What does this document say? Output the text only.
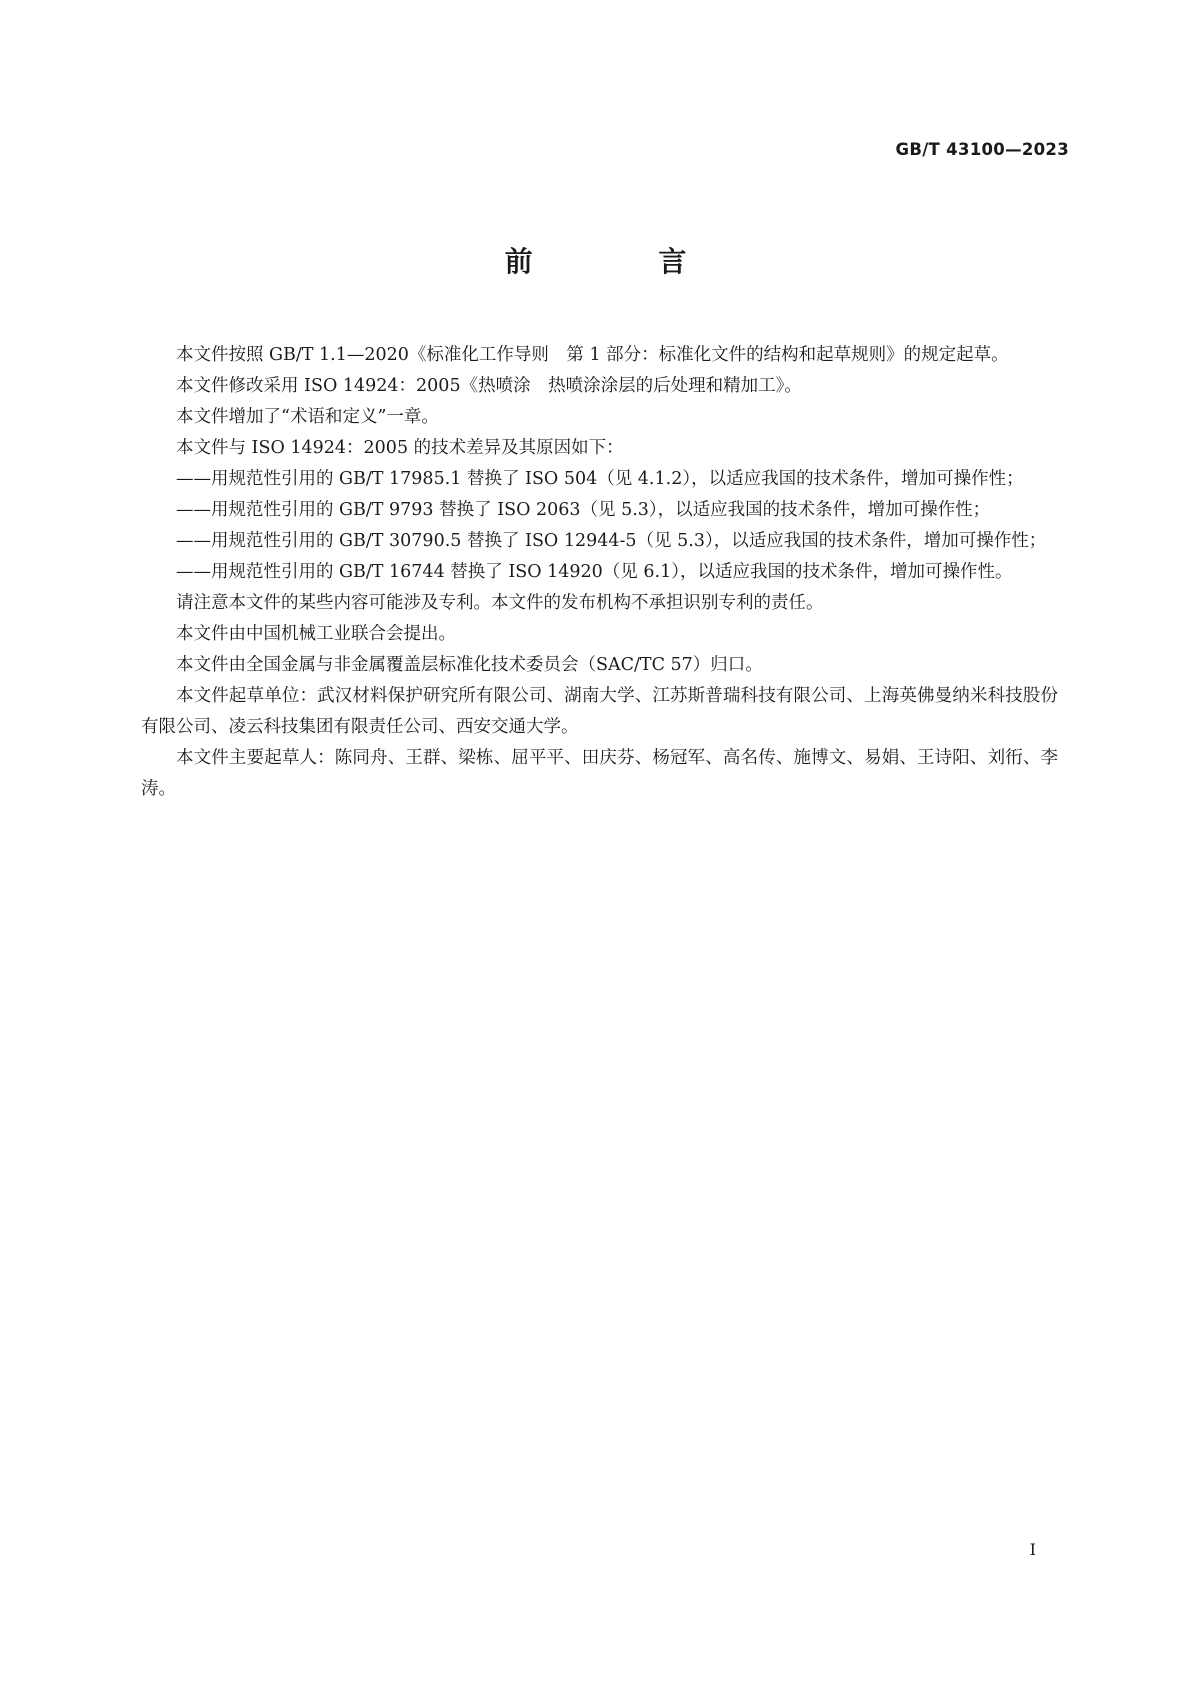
GB/T 43100—2023
前 言

本文件按照 GB/T 1.1—2020《标准化工作导则　第 1 部分：标准化文件的结构和起草规则》的规定起草。

本文件修改采用 ISO 14924：2005《热喷涂　热喷涂涂层的后处理和精加工》。

本文件增加了“术语和定义”一章。

本文件与 ISO 14924：2005 的技术差异及其原因如下：

——用规范性引用的 GB/T 17985.1 替换了 ISO 504（见 4.1.2），以适应我国的技术条件，增加可操作性；

——用规范性引用的 GB/T 9793 替换了 ISO 2063（见 5.3），以适应我国的技术条件，增加可操作性；

——用规范性引用的 GB/T 30790.5 替换了 ISO 12944-5（见 5.3），以适应我国的技术条件，增加可操作性；

——用规范性引用的 GB/T 16744 替换了 ISO 14920（见 6.1），以适应我国的技术条件，增加可操作性。

请注意本文件的某些内容可能涉及专利。本文件的发布机构不承担识别专利的责任。

本文件由中国机械工业联合会提出。

本文件由全国金属与非金属覆盖层标准化技术委员会（SAC/TC 57）归口。

本文件起草单位：武汉材料保护研究所有限公司、湖南大学、江苏斯普瑞科技有限公司、上海英佛曼纳米科技股份有限公司、凌云科技集团有限责任公司、西安交通大学。

本文件主要起草人：陈同舟、王群、梁栋、屈平平、田庆芬、杨冠军、高名传、施博文、易娟、王诗阳、刘衎、李涛。

I
